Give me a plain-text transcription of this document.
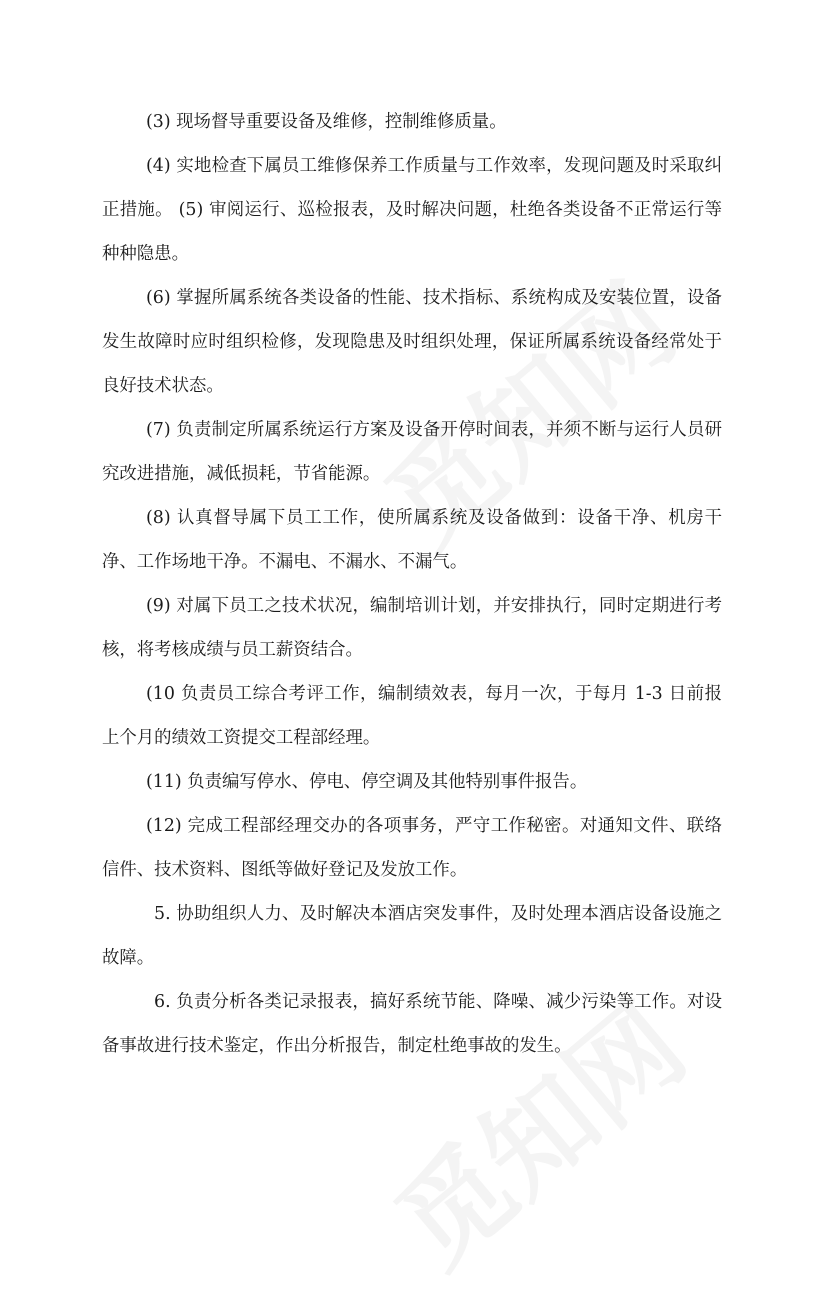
(3) 现场督导重要设备及维修，控制维修质量。

(4) 实地检查下属员工维修保养工作质量与工作效率，发现问题及时采取纠正措施。 (5) 审阅运行、巡检报表，及时解决问题，杜绝各类设备不正常运行等种种隐患。

(6) 掌握所属系统各类设备的性能、技术指标、系统构成及安装位置，设备发生故障时应时组织检修，发现隐患及时组织处理，保证所属系统设备经常处于良好技术状态。

(7) 负责制定所属系统运行方案及设备开停时间表，并须不断与运行人员研究改进措施，减低损耗，节省能源。

(8) 认真督导属下员工工作，使所属系统及设备做到：设备干净、机房干净、工作场地干净。不漏电、不漏水、不漏气。

(9) 对属下员工之技术状况，编制培训计划，并安排执行，同时定期进行考核，将考核成绩与员工薪资结合。

(10 负责员工综合考评工作，编制绩效表，每月一次，于每月 1-3 日前报上个月的绩效工资提交工程部经理。

(11) 负责编写停水、停电、停空调及其他特别事件报告。

(12) 完成工程部经理交办的各项事务，严守工作秘密。对通知文件、联络信件、技术资料、图纸等做好登记及发放工作。

5. 协助组织人力、及时解决本酒店突发事件，及时处理本酒店设备设施之故障。

6. 负责分析各类记录报表，搞好系统节能、降噪、减少污染等工作。对设备事故进行技术鉴定，作出分析报告，制定杜绝事故的发生。
